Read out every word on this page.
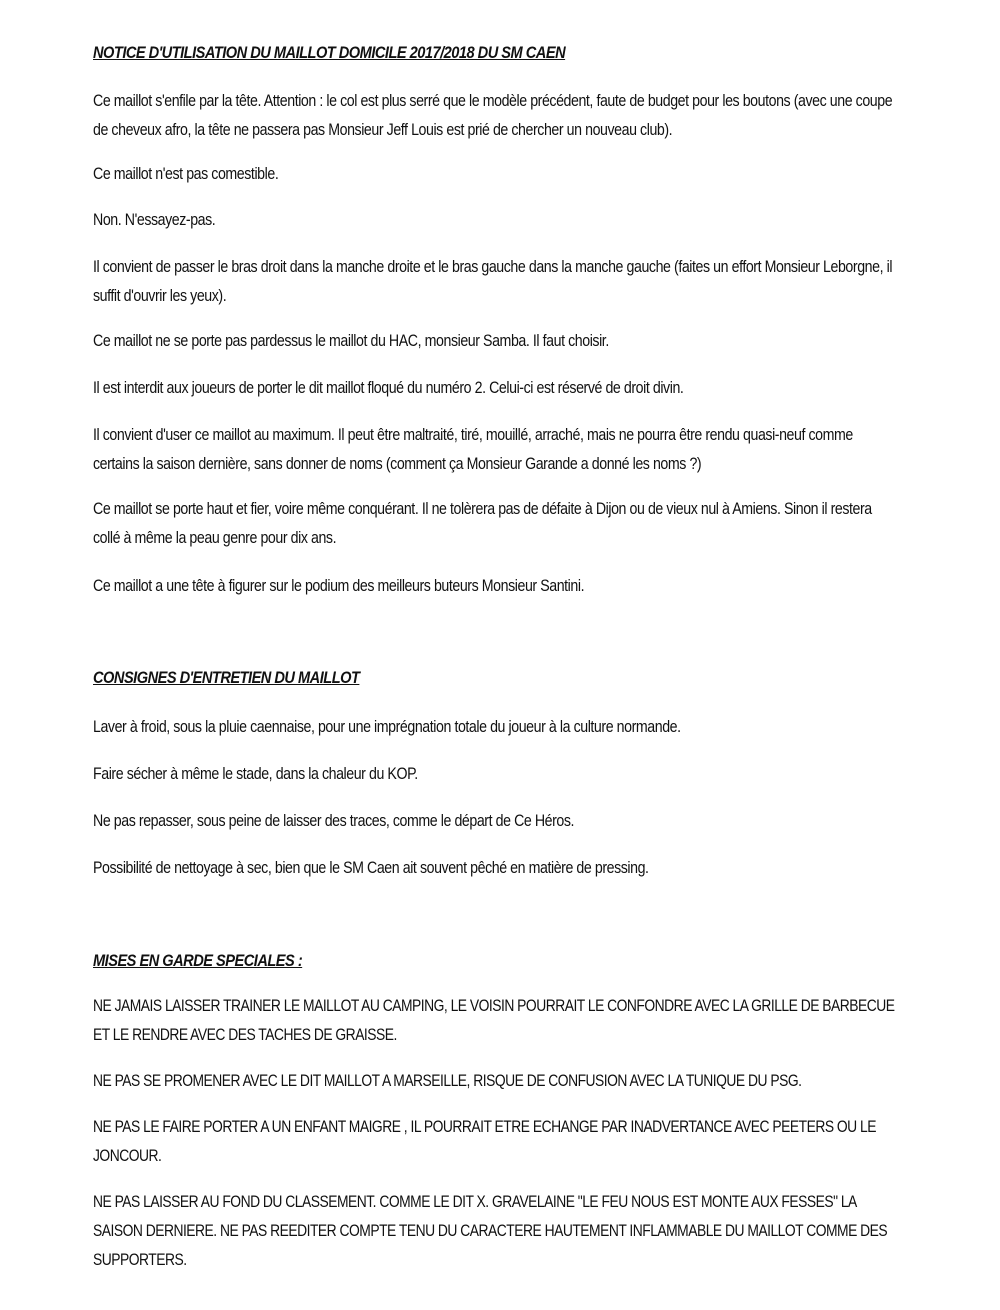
NOTICE D'UTILISATION DU MAILLOT DOMICILE 2017/2018 DU SM CAEN

Ce maillot s'enfile par la tête. Attention : le col est plus serré que le modèle précédent, faute de budget pour les boutons (avec une coupe de cheveux afro, la tête ne passera pas Monsieur Jeff Louis est prié de chercher un nouveau club).

Ce maillot n'est pas comestible.

Non. N'essayez-pas.

Il convient de passer le bras droit dans la manche droite et le bras gauche dans la manche gauche (faites un effort Monsieur Leborgne, il suffit d'ouvrir les yeux).

Ce maillot ne se porte pas pardessus le maillot du HAC, monsieur Samba. Il faut choisir.

Il est interdit aux joueurs de porter le dit maillot floqué du numéro 2. Celui-ci est réservé de droit divin.

Il convient d'user ce maillot au maximum. Il peut être maltraité, tiré, mouillé, arraché, mais ne pourra être rendu quasi-neuf comme certains la saison dernière, sans donner de noms (comment ça Monsieur Garande a donné les noms ?)

Ce maillot se porte haut et fier, voire même conquérant. Il ne tolèrera pas de défaite à Dijon ou de vieux nul à Amiens. Sinon il restera collé à même la peau genre pour dix ans.

Ce maillot a une tête à figurer sur le podium des meilleurs buteurs Monsieur Santini.

CONSIGNES D'ENTRETIEN DU MAILLOT

Laver à froid, sous la pluie caennaise, pour une imprégnation totale du joueur à la culture normande.

Faire sécher à même le stade, dans la chaleur du KOP.

Ne pas repasser, sous peine de laisser des traces, comme le départ de Ce Héros.

Possibilité de nettoyage à sec, bien que le SM Caen ait souvent pêché en matière de pressing.

MISES EN GARDE SPECIALES :

NE JAMAIS LAISSER TRAINER LE MAILLOT AU CAMPING, LE VOISIN POURRAIT LE CONFONDRE AVEC LA GRILLE DE BARBECUE ET LE RENDRE AVEC DES TACHES DE GRAISSE.

NE PAS SE PROMENER AVEC LE DIT MAILLOT A MARSEILLE, RISQUE DE CONFUSION AVEC LA TUNIQUE DU PSG.

NE PAS LE FAIRE PORTER A UN ENFANT MAIGRE , IL POURRAIT ETRE ECHANGE PAR INADVERTANCE AVEC PEETERS OU LE JONCOUR.

NE PAS LAISSER AU FOND DU CLASSEMENT. COMME LE DIT X. GRAVELAINE "LE FEU NOUS EST MONTE AUX FESSES" LA SAISON DERNIERE. NE PAS REEDITER COMPTE TENU DU CARACTERE HAUTEMENT INFLAMMABLE DU MAILLOT COMME DES SUPPORTERS.
